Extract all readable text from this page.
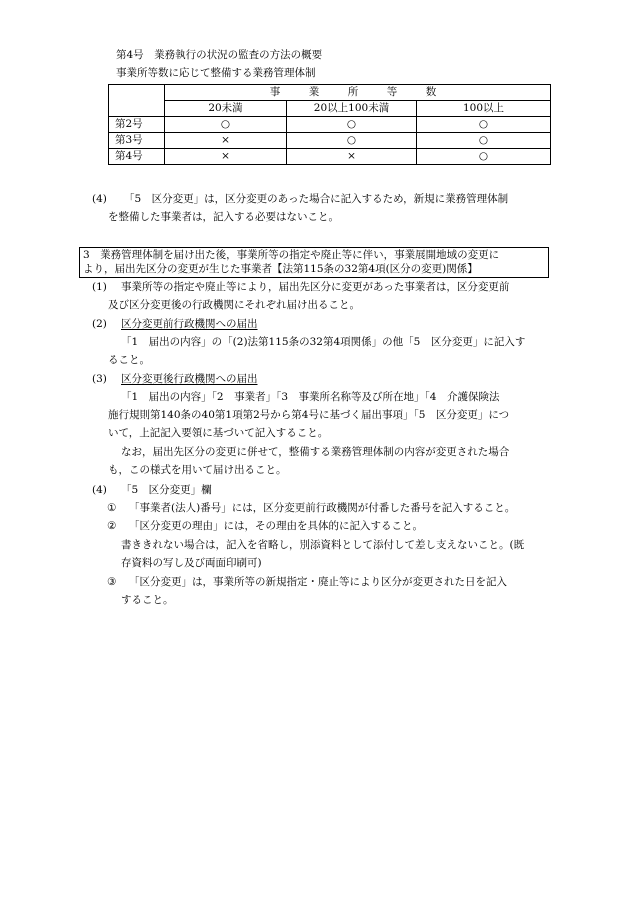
第4号　業務執行の状況の監査の方法の概要
事業所等数に応じて整備する業務管理体制
	事　業　所　等　数		
	20未満	20以上100未満	100以上
第2号	○	○	○
第3号	×	○	○
第4号	×	×	○
(4) 「5　区分変更」は，区分変更のあった場合に記入するため，新規に業務管理体制
を整備した事業者は，記入する必要はないこと。
3　業務管理体制を届け出た後，事業所等の指定や廃止等に伴い，事業展開地域の変更に
より，届出先区分の変更が生じた事業者【法第115条の32第4項(区分の変更)関係】
(1) 事業所等の指定や廃止等により，届出先区分に変更があった事業者は，区分変更前
及び区分変更後の行政機関にそれぞれ届け出ること。
(2) 区分変更前行政機関への届出
「1　届出の内容」の「(2)法第115条の32第4項関係」の他「5　区分変更」に記入す
ること。
(3) 区分変更後行政機関への届出
「1　届出の内容」「2　事業者」「3　事業所名称等及び所在地」「4　介護保険法
施行規則第140条の40第1項第2号から第4号に基づく届出事項」「5　区分変更」につ
いて，上記記入要領に基づいて記入すること。
なお，届出先区分の変更に併せて，整備する業務管理体制の内容が変更された場合
も，この様式を用いて届け出ること。
(4) 「5　区分変更」欄
① 「事業者(法人)番号」には，区分変更前行政機関が付番した番号を記入すること。
② 「区分変更の理由」には，その理由を具体的に記入すること。
書ききれない場合は，記入を省略し，別添資料として添付して差し支えないこと。(既
存資料の写し及び両面印刷可)
③ 「区分変更」は，事業所等の新規指定・廃止等により区分が変更された日を記入
すること。
